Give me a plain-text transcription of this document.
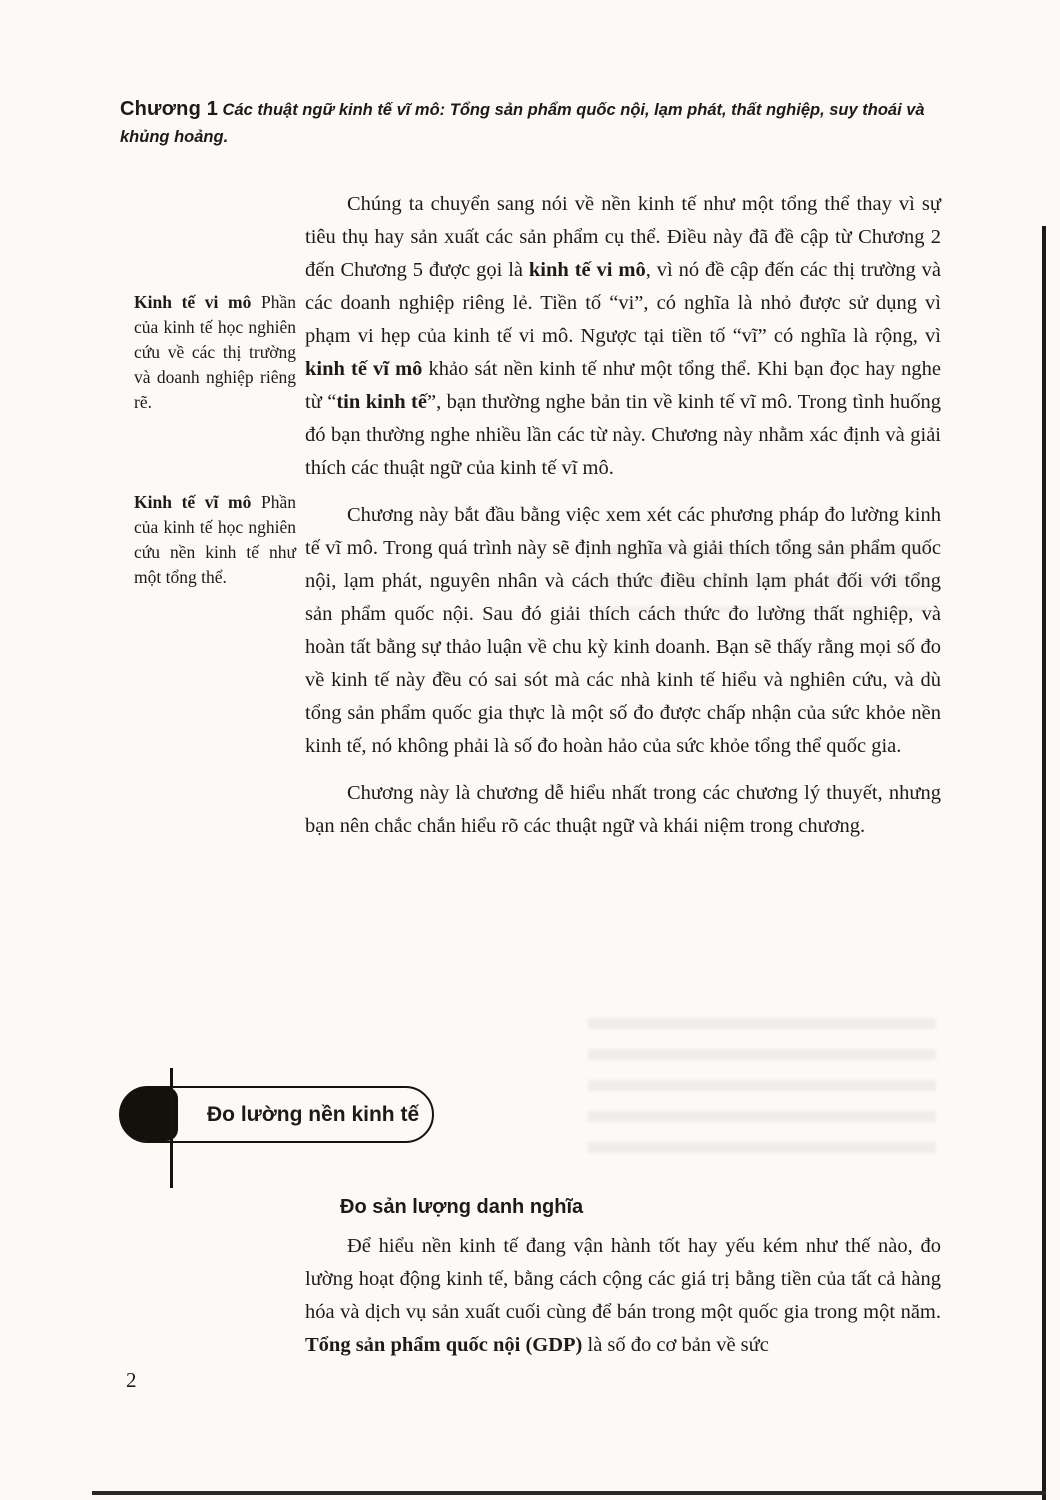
Chương 1 Các thuật ngữ kinh tế vĩ mô: Tổng sản phẩm quốc nội, lạm phát, thất nghiệp, suy thoái và khủng hoảng.
Kinh tế vi mô Phần của kinh tế học nghiên cứu về các thị trường và doanh nghiệp riêng rẽ.
Kinh tế vĩ mô Phần của kinh tế học nghiên cứu nền kinh tế như một tổng thể.

Chúng ta chuyển sang nói về nền kinh tế như một tổng thể thay vì sự tiêu thụ hay sản xuất các sản phẩm cụ thể. Điều này đã đề cập từ Chương 2 đến Chương 5 được gọi là kinh tế vi mô, vì nó đề cập đến các thị trường và các doanh nghiệp riêng lẻ. Tiền tố “vi”, có nghĩa là nhỏ được sử dụng vì phạm vi hẹp của kinh tế vi mô. Ngược tại tiền tố “vĩ” có nghĩa là rộng, vì kinh tế vĩ mô khảo sát nền kinh tế như một tổng thể. Khi bạn đọc hay nghe từ “tin kinh tế”, bạn thường nghe bản tin về kinh tế vĩ mô. Trong tình huống đó bạn thường nghe nhiều lần các từ này. Chương này nhằm xác định và giải thích các thuật ngữ của kinh tế vĩ mô.

Chương này bắt đầu bằng việc xem xét các phương pháp đo lường kinh tế vĩ mô. Trong quá trình này sẽ định nghĩa và giải thích tổng sản phẩm quốc nội, lạm phát, nguyên nhân và cách thức điều chỉnh lạm phát đối với tổng sản phẩm quốc nội. Sau đó giải thích cách thức đo lường thất nghiệp, và hoàn tất bằng sự thảo luận về chu kỳ kinh doanh. Bạn sẽ thấy rằng mọi số đo về kinh tế này đều có sai sót mà các nhà kinh tế hiểu và nghiên cứu, và dù tổng sản phẩm quốc gia thực là một số đo được chấp nhận của sức khỏe nền kinh tế, nó không phải là số đo hoàn hảo của sức khỏe tổng thể quốc gia.

Chương này là chương dễ hiểu nhất trong các chương lý thuyết, nhưng bạn nên chắc chắn hiểu rõ các thuật ngữ và khái niệm trong chương.

Đo lường nền kinh tế
Đo sản lượng danh nghĩa

Để hiểu nền kinh tế đang vận hành tốt hay yếu kém như thế nào, đo lường hoạt động kinh tế, bằng cách cộng các giá trị bằng tiền của tất cả hàng hóa và dịch vụ sản xuất cuối cùng để bán trong một quốc gia trong một năm. Tổng sản phẩm quốc nội (GDP) là số đo cơ bản về sức

2
